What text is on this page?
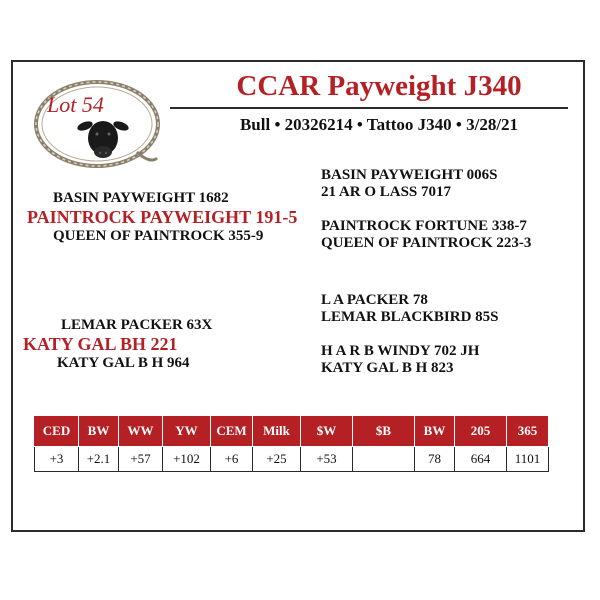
Lot 54
CCAR Payweight J340
Bull • 20326214 • Tattoo J340 • 3/28/21
BASIN PAYWEIGHT 1682
PAINTROCK PAYWEIGHT 191-5
QUEEN OF PAINTROCK 355-9
BASIN PAYWEIGHT 006S
21 AR O LASS 7017
PAINTROCK FORTUNE 338-7
QUEEN OF PAINTROCK 223-3
LEMAR PACKER 63X
KATY GAL BH 221
KATY GAL B H 964
L A PACKER 78
LEMAR BLACKBIRD 85S
H A R B WINDY 702 JH
KATY GAL B H 823
CED	BW	WW	YW	CEM	Milk	$W	$B	BW	205	365
+3	+2.1	+57	+102	+6	+25	+53		78	664	1101
